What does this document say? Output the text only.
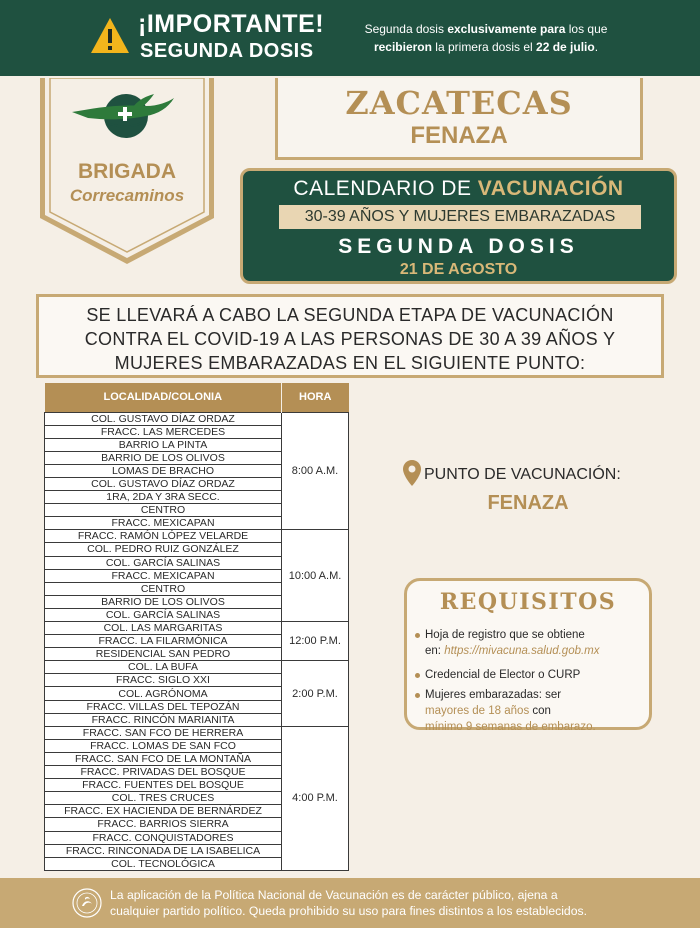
¡IMPORTANTE!
SEGUNDA DOSIS
Segunda dosis exclusivamente para los que recibieron la primera dosis el 22 de julio.
BRIGADA
Correcaminos
ZACATECAS
FENAZA
CALENDARIO DE VACUNACIÓN
30-39 AÑOS Y MUJERES EMBARAZADAS
SEGUNDA DOSIS
21 DE AGOSTO
SE LLEVARÁ A CABO LA SEGUNDA ETAPA DE VACUNACIÓN
CONTRA EL COVID-19 A LAS PERSONAS DE 30 A 39 AÑOS Y
MUJERES EMBARAZADAS EN EL SIGUIENTE PUNTO:
LOCALIDAD/COLONIA	HORA
COL. GUSTAVO DÍAZ ORDAZ	8:00 A.M.
FRACC. LAS MERCEDES	
BARRIO LA PINTA	
BARRIO DE LOS OLIVOS	
LOMAS DE BRACHO	
COL. GUSTAVO DÍAZ ORDAZ	
1RA, 2DA Y 3RA SECC.	
CENTRO	
FRACC. MEXICAPAN	
FRACC. RAMÓN LÓPEZ VELARDE	10:00 A.M.
COL. PEDRO RUIZ GONZÁLEZ	
COL. GARCÍA SALINAS	
FRACC. MEXICAPAN	
CENTRO	
BARRIO DE LOS OLIVOS	
COL. GARCÍA SALINAS	
COL. LAS MARGARITAS	12:00 P.M.
FRACC. LA FILARMÓNICA	
RESIDENCIAL SAN PEDRO	
COL. LA BUFA	2:00 P.M.
FRACC. SIGLO XXI	
COL. AGRÓNOMA	
FRACC. VILLAS DEL TEPOZÁN	
FRACC. RINCÓN MARIANITA	
FRACC. SAN FCO DE HERRERA	4:00 P.M.
FRACC. LOMAS DE SAN FCO	
FRACC. SAN FCO DE LA MONTAÑA	
FRACC. PRIVADAS DEL BOSQUE	
FRACC. FUENTES DEL BOSQUE	
COL. TRES CRUCES	
FRACC. EX HACIENDA DE BERNÁRDEZ	
FRACC. BARRIOS SIERRA	
FRACC. CONQUISTADORES	
FRACC. RINCONADA DE LA ISABELICA	
COL. TECNOLÓGICA	
PUNTO DE VACUNACIÓN:
FENAZA
REQUISITOS
Hoja de registro que se obtiene
en: https://mivacuna.salud.gob.mx
Credencial de Elector o CURP
Mujeres embarazadas: ser
mayores de 18 años con
mínimo 9 semanas de embarazo.
La aplicación de la Política Nacional de Vacunación es de carácter público, ajena a
cualquier partido político. Queda prohibido su uso para fines distintos a los establecidos.
